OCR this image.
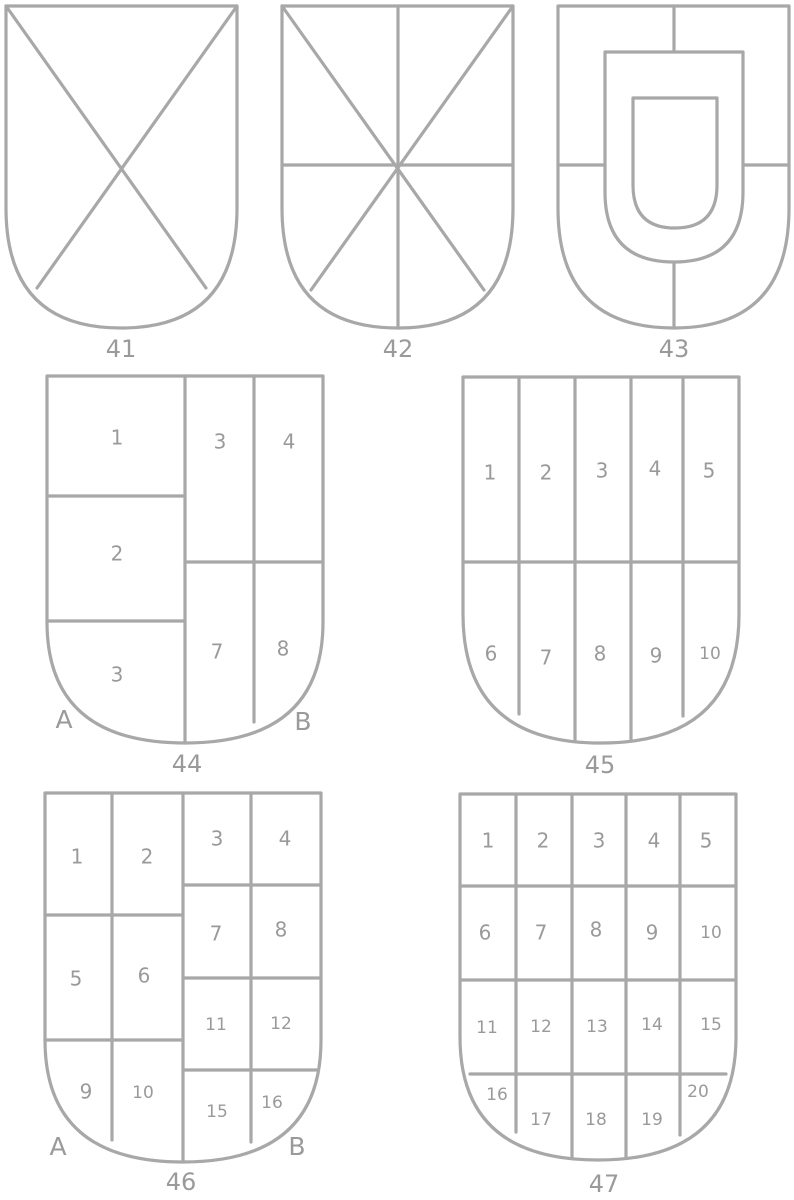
41	42	43
1
2
3
3	4
7	8
A	B
44
1 2 3 4 5
6 7 8 9 10
45
1	2
3	4
7	8
5	6
11	12
9 10
15 16
A	B
46
1 2 3 4 5
6 7 8 9 10
11 12 13 14 15
16
17 18 19
20
47
